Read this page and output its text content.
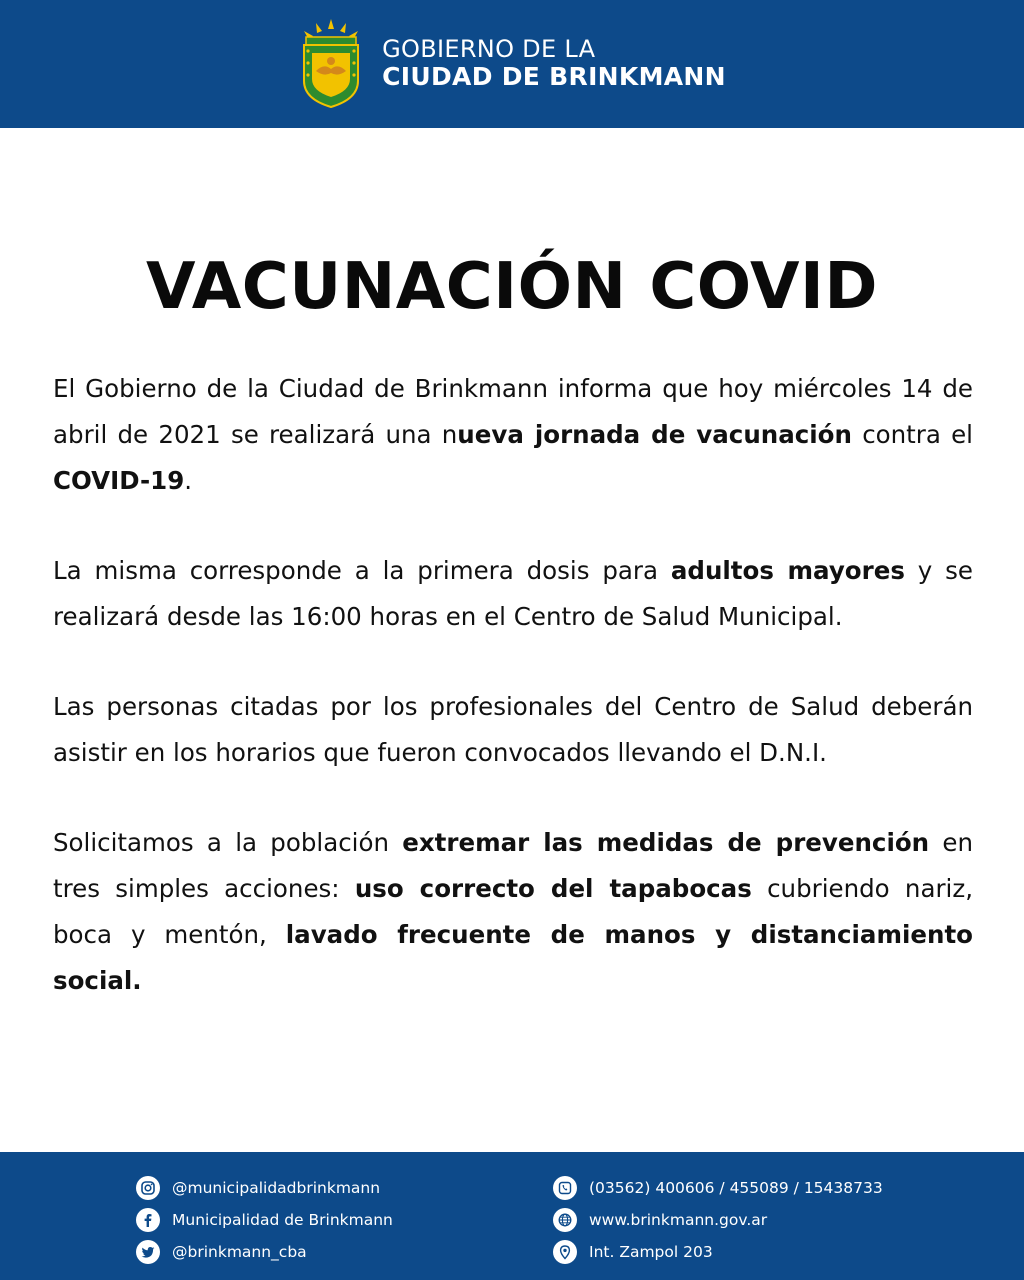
GOBIERNO DE LA
CIUDAD DE BRINKMANN
VACUNACIÓN COVID

El Gobierno de la Ciudad de Brinkmann informa que hoy miércoles 14 de abril de 2021 se realizará una nueva jornada de vacunación contra el COVID-19.

La misma corresponde a la primera dosis para adultos mayores y se realizará desde las 16:00 horas en el Centro de Salud Municipal.

Las personas citadas por los profesionales del Centro de Salud deberán asistir en los horarios que fueron convocados llevando el D.N.I.

Solicitamos a la población extremar las medidas de prevención en tres simples acciones: uso correcto del tapabocas cubriendo nariz, boca y mentón, lavado frecuente de manos y distanciamiento social.

@municipalidadbrinkmann
Municipalidad de Brinkmann
@brinkmann_cba
(03562) 400606 / 455089 / 15438733
www.brinkmann.gov.ar
Int. Zampol 203
